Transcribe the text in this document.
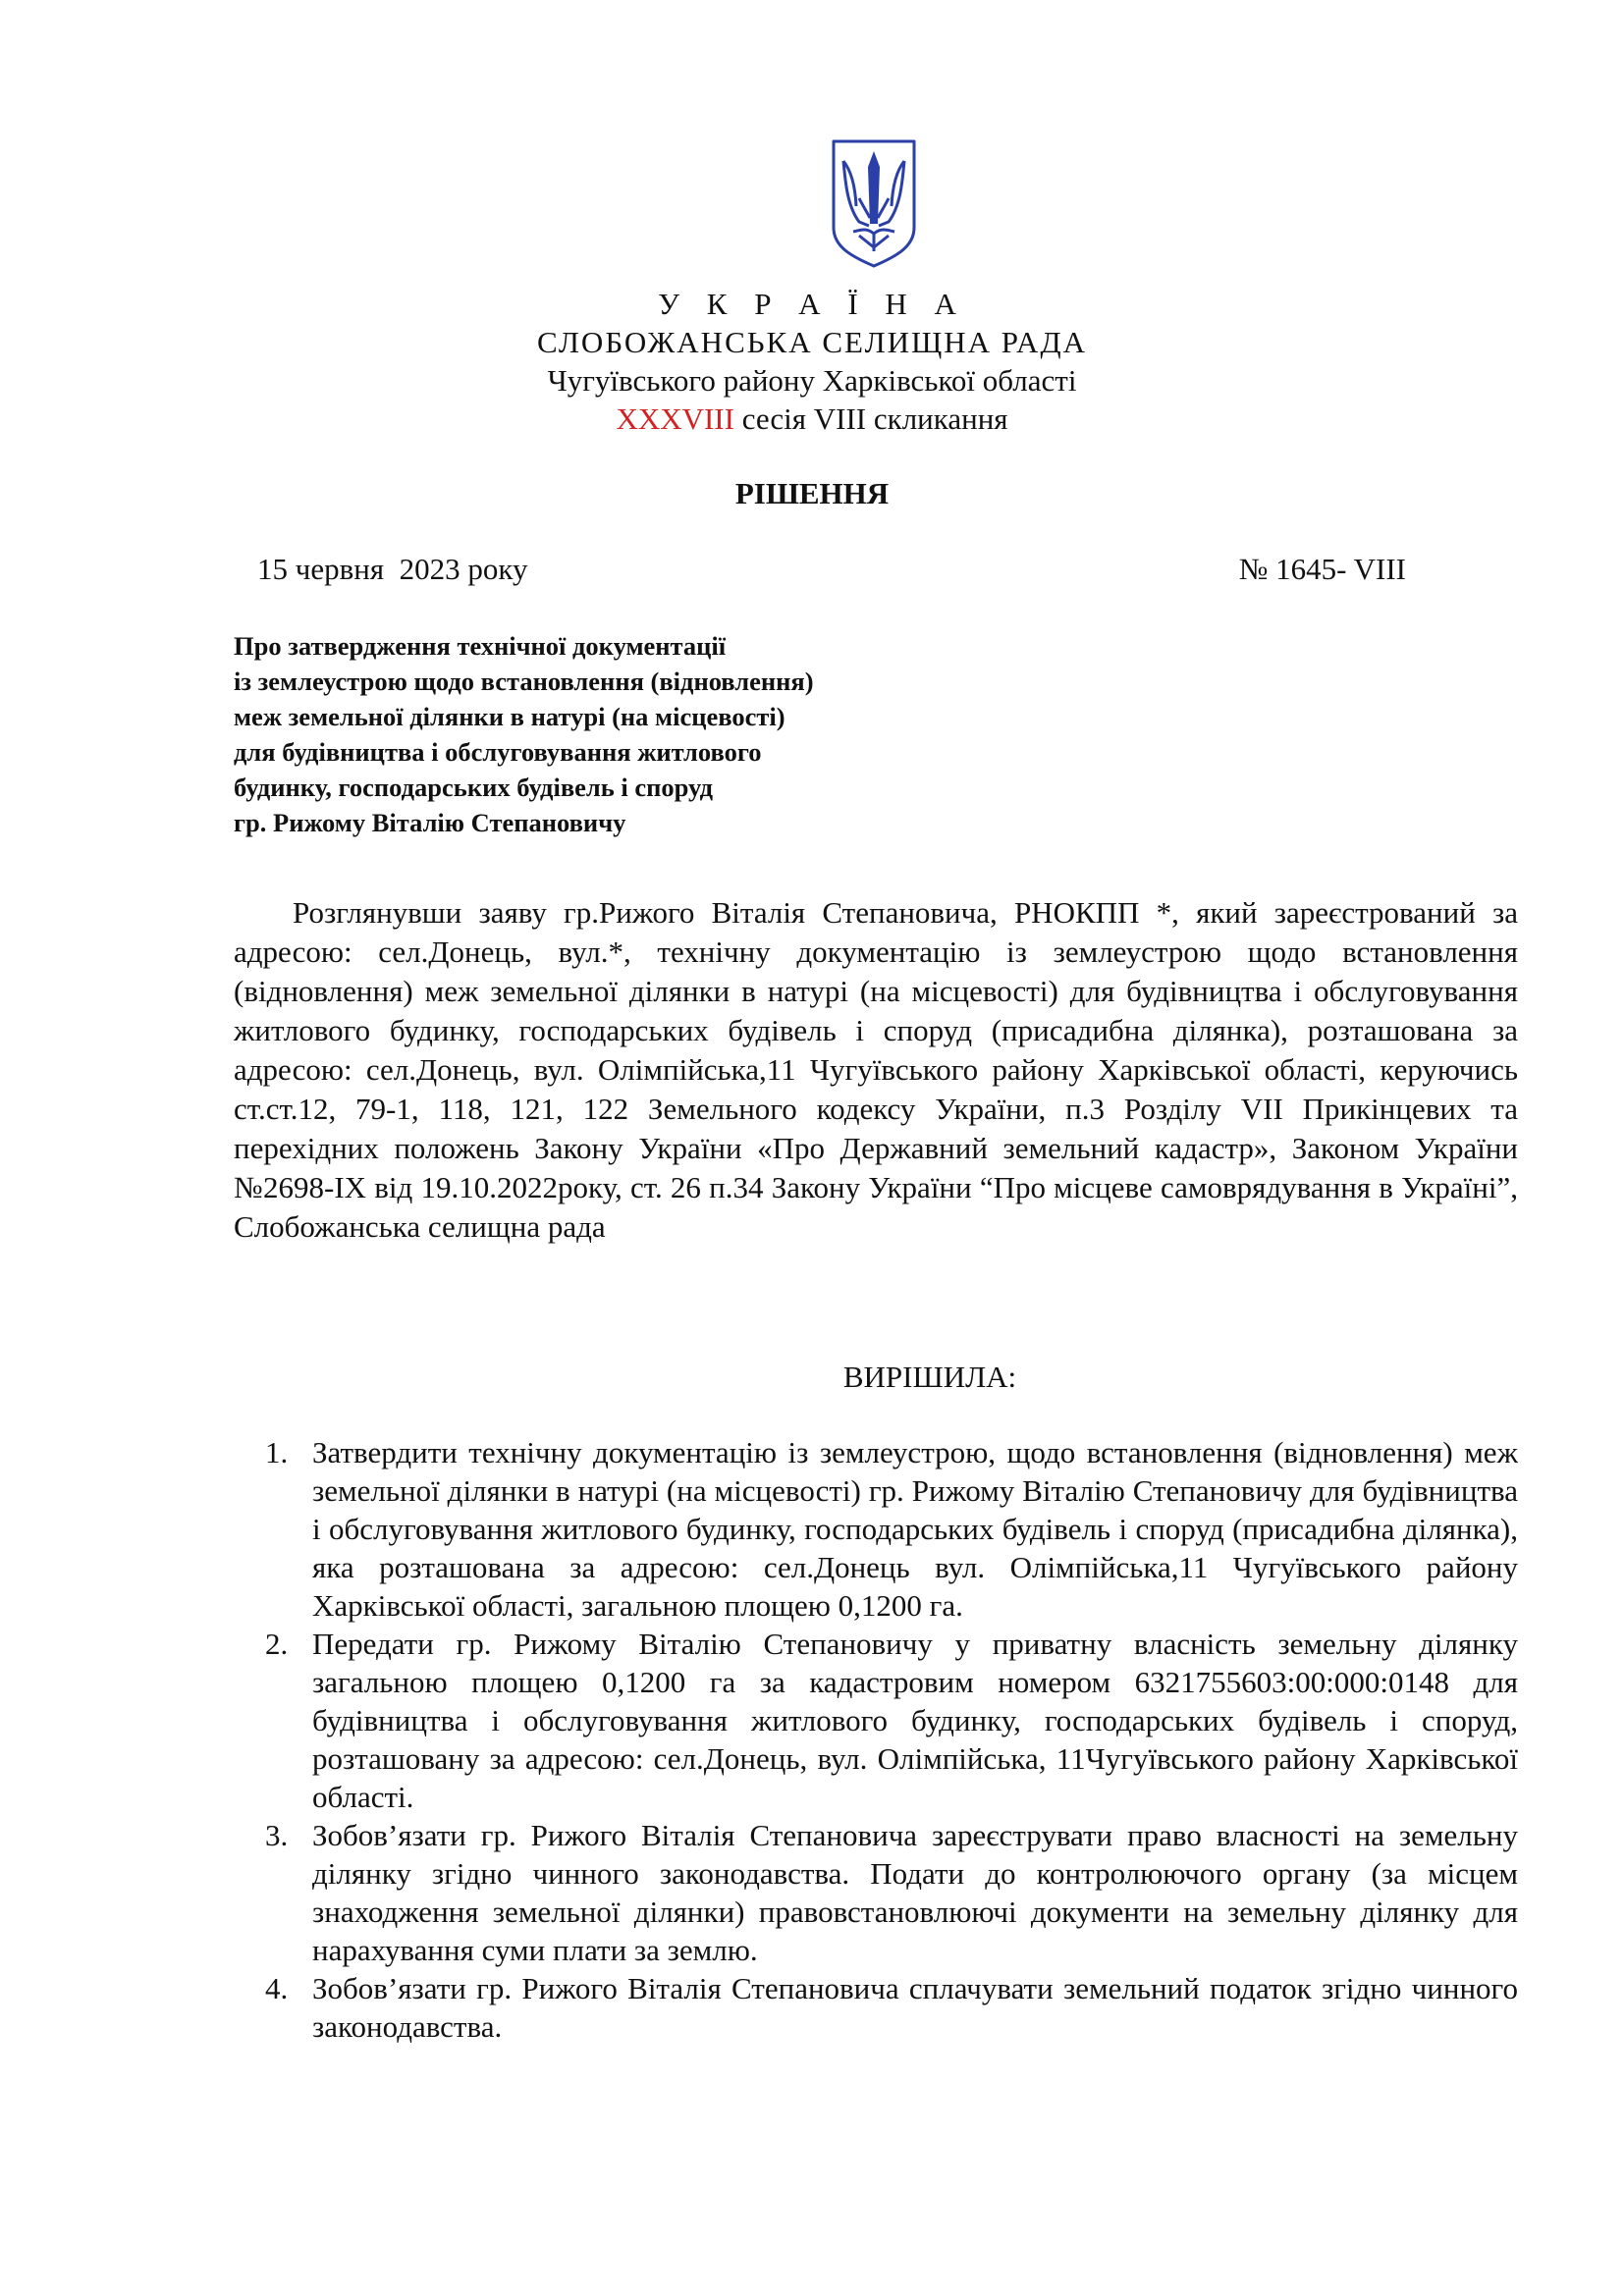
У К Р А Ї Н А
СЛОБОЖАНСЬКА СЕЛИЩНА РАДА
Чугуївського району Харківської області
XXXVIII сесія VIII скликання
РІШЕННЯ
15 червня  2023 року	№ 1645- VIII
Про затвердження технічної документації
із землеустрою щодо встановлення (відновлення)
меж земельної ділянки в натурі (на місцевості)
для будівництва і обслуговування житлового
будинку, господарських будівель і споруд
гр. Рижому Віталію Степановичу

Розглянувши заяву гр.Рижого Віталія Степановича, РНОКПП *, який зареєстрований за адресою: сел.Донець, вул.*, технічну документацію із землеустрою щодо встановлення (відновлення) меж земельної ділянки в натурі (на місцевості) для будівництва і обслуговування житлового будинку, господарських будівель і споруд (присадибна ділянка), розташована за адресою: сел.Донець, вул. Олімпійська,11 Чугуївського району Харківської області, керуючись ст.ст.12, 79-1, 118, 121, 122 Земельного кодексу України, п.3 Розділу VII Прикінцевих та перехідних положень Закону України «Про Державний земельний кадастр», Законом України №2698-IX від 19.10.2022року, ст. 26 п.34 Закону України “Про місцеве самоврядування в Україні”, Слобожанська селищна рада

ВИРІШИЛА:
1. Затвердити технічну документацію із землеустрою, щодо встановлення (відновлення) меж земельної ділянки в натурі (на місцевості) гр. Рижому Віталію Степановичу для будівництва і обслуговування житлового будинку, господарських будівель і споруд (присадибна ділянка), яка розташована за адресою: сел.Донець вул. Олімпійська,11 Чугуївського району Харківської області, загальною площею 0,1200 га.
2. Передати гр. Рижому Віталію Степановичу у приватну власність земельну ділянку загальною площею 0,1200 га за кадастровим номером 6321755603:00:000:0148 для будівництва і обслуговування житлового будинку, господарських будівель і споруд, розташовану за адресою: сел.Донець, вул. Олімпійська, 11Чугуївського району Харківської області.
3. Зобов’язати гр. Рижого Віталія Степановича зареєструвати право власності на земельну ділянку згідно чинного законодавства. Подати до контролюючого органу (за місцем знаходження земельної ділянки) правовстановлюючі документи на земельну ділянку для нарахування суми плати за землю.
4. Зобов’язати гр. Рижого Віталія Степановича сплачувати земельний податок згідно чинного законодавства.
